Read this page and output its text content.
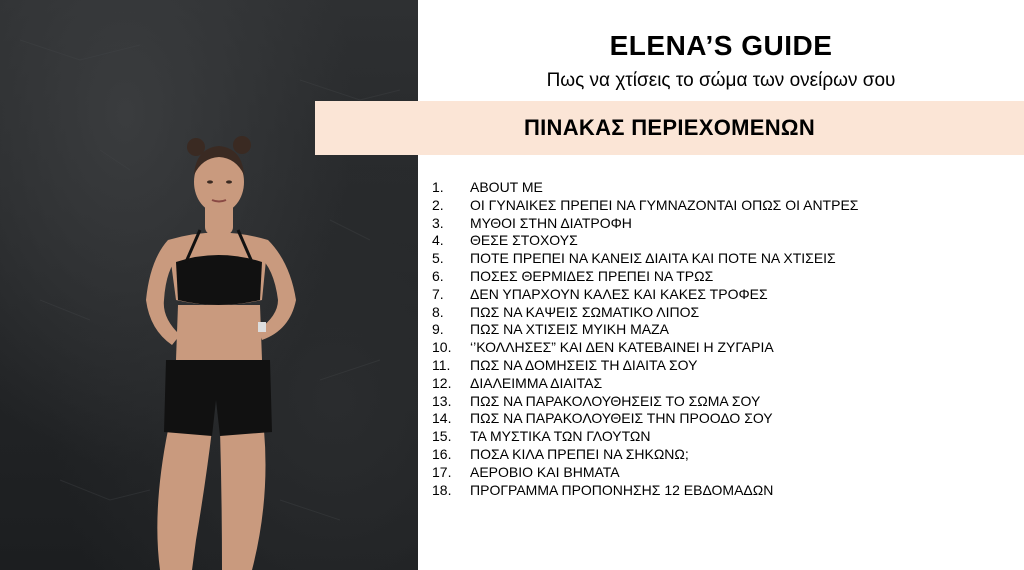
ELENA’S GUIDE
Πως να χτίσεις το σώμα των ονείρων σου
ΠΙΝΑΚΑΣ ΠΕΡΙΕΧΟΜΕΝΩΝ
1.	ABOUT ME
2.	ΟΙ ΓΥΝΑΙΚΕΣ ΠΡΕΠΕΙ ΝΑ ΓΥΜΝΑΖΟΝΤΑΙ ΟΠΩΣ ΟΙ ΑΝΤΡΕΣ
3.	ΜΥΘΟΙ ΣΤΗΝ ΔΙΑΤΡΟΦΗ
4.	ΘΕΣΕ ΣΤΟΧΟΥΣ
5.	ΠΟΤΕ ΠΡΕΠΕΙ ΝΑ ΚΑΝΕΙΣ ΔΙΑΙΤΑ ΚΑΙ ΠΟΤΕ ΝΑ ΧΤΙΣΕΙΣ
6.	ΠΟΣΕΣ ΘΕΡΜΙΔΕΣ ΠΡΕΠΕΙ ΝΑ ΤΡΩΣ
7.	ΔΕΝ ΥΠΑΡΧΟΥΝ ΚΑΛΕΣ ΚΑΙ ΚΑΚΕΣ ΤΡΟΦΕΣ
8.	ΠΩΣ ΝΑ ΚΑΨΕΙΣ ΣΩΜΑΤΙΚΟ ΛΙΠΟΣ
9.	ΠΩΣ ΝΑ ΧΤΙΣΕΙΣ ΜΥΙΚΗ ΜΑΖΑ
10.	‘’ΚΟΛΛΗΣΕΣ” ΚΑΙ ΔΕΝ ΚΑΤΕΒΑΙΝΕΙ Η ΖΥΓΑΡΙΑ
11.	ΠΩΣ ΝΑ ΔΟΜΗΣΕΙΣ ΤΗ ΔΙΑΙΤΑ ΣΟΥ
12.	ΔΙΑΛΕΙΜΜΑ ΔΙΑΙΤΑΣ
13.	ΠΩΣ ΝΑ ΠΑΡΑΚΟΛΟΥΘΗΣΕΙΣ ΤΟ ΣΩΜΑ ΣΟΥ
14.	ΠΩΣ ΝΑ ΠΑΡΑΚΟΛΟΥΘΕΙΣ ΤΗΝ ΠΡΟΟΔΟ ΣΟΥ
15.	ΤΑ ΜΥΣΤΙΚΑ ΤΩΝ ΓΛΟΥΤΩΝ
16.	ΠΟΣΑ ΚΙΛΑ ΠΡΕΠΕΙ ΝΑ ΣΗΚΩΝΩ;
17.	ΑΕΡΟΒΙΟ ΚΑΙ ΒΗΜΑΤΑ
18.	ΠΡΟΓΡΑΜΜΑ ΠΡΟΠΟΝΗΣΗΣ 12 ΕΒΔΟΜΑΔΩΝ
